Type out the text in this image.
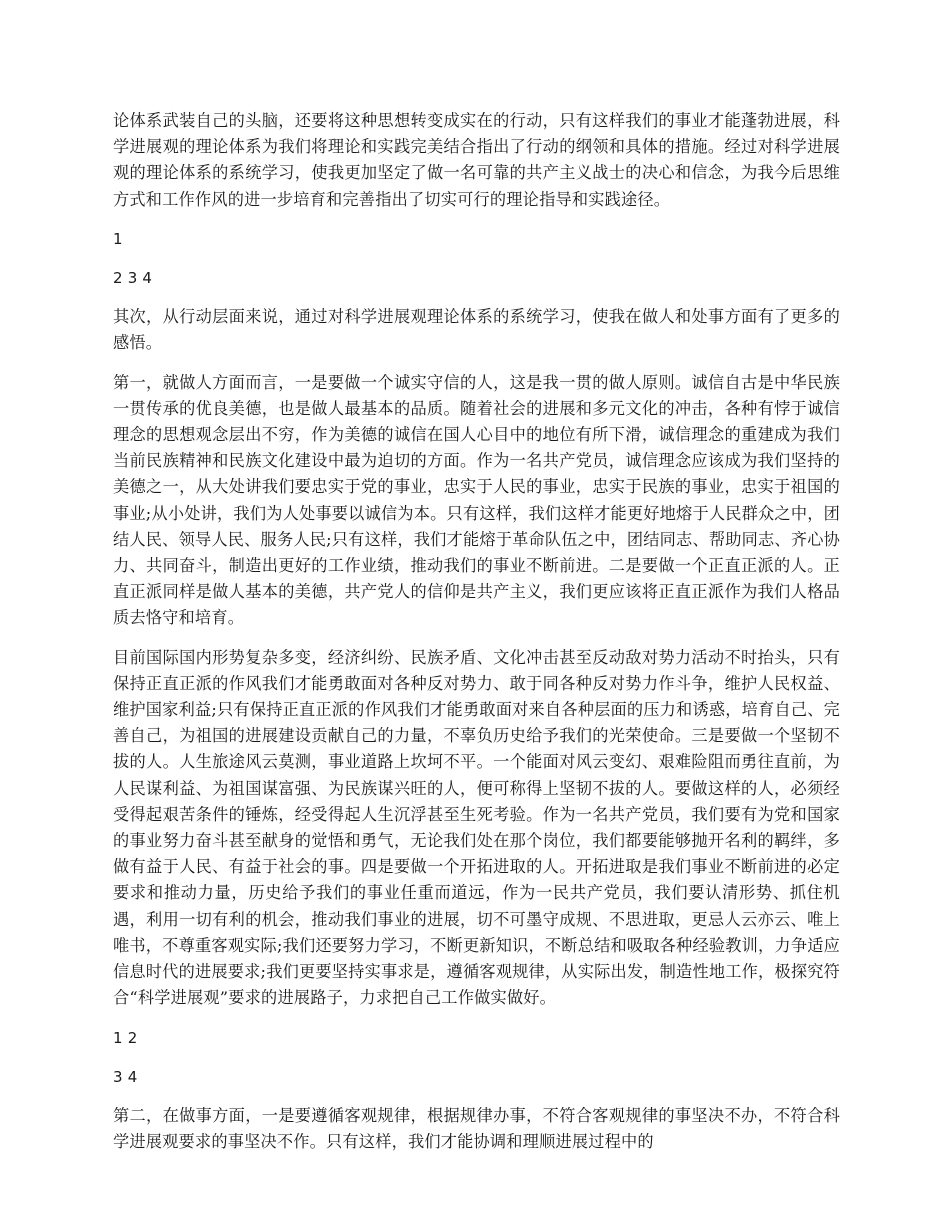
论体系武装自己的头脑，还要将这种思想转变成实在的行动，只有这样我们的事业才能蓬勃进展，科学进展观的理论体系为我们将理论和实践完美结合指出了行动的纲领和具体的措施。经过对科学进展观的理论体系的系统学习，使我更加坚定了做一名可靠的共产主义战士的决心和信念，为我今后思维方式和工作作风的进一步培育和完善指出了切实可行的理论指导和实践途径。

1

2 3 4

其次，从行动层面来说，通过对科学进展观理论体系的系统学习，使我在做人和处事方面有了更多的感悟。

第一，就做人方面而言，一是要做一个诚实守信的人，这是我一贯的做人原则。诚信自古是中华民族一贯传承的优良美德，也是做人最基本的品质。随着社会的进展和多元文化的冲击，各种有悖于诚信理念的思想观念层出不穷，作为美德的诚信在国人心目中的地位有所下滑，诚信理念的重建成为我们当前民族精神和民族文化建设中最为迫切的方面。作为一名共产党员，诚信理念应该成为我们坚持的美德之一，从大处讲我们要忠实于党的事业，忠实于人民的事业，忠实于民族的事业，忠实于祖国的事业;从小处讲，我们为人处事要以诚信为本。只有这样，我们这样才能更好地熔于人民群众之中，团结人民、领导人民、服务人民;只有这样，我们才能熔于革命队伍之中，团结同志、帮助同志、齐心协力、共同奋斗，制造出更好的工作业绩，推动我们的事业不断前进。二是要做一个正直正派的人。正直正派同样是做人基本的美德，共产党人的信仰是共产主义，我们更应该将正直正派作为我们人格品质去恪守和培育。

目前国际国内形势复杂多变，经济纠纷、民族矛盾、文化冲击甚至反动敌对势力活动不时抬头，只有保持正直正派的作风我们才能勇敢面对各种反对势力、敢于同各种反对势力作斗争，维护人民权益、维护国家利益;只有保持正直正派的作风我们才能勇敢面对来自各种层面的压力和诱惑，培育自己、完善自己，为祖国的进展建设贡献自己的力量，不辜负历史给予我们的光荣使命。三是要做一个坚韧不拔的人。人生旅途风云莫测，事业道路上坎坷不平。一个能面对风云变幻、艰难险阻而勇往直前，为人民谋利益、为祖国谋富强、为民族谋兴旺的人，便可称得上坚韧不拔的人。要做这样的人，必须经受得起艰苦条件的锤炼，经受得起人生沉浮甚至生死考验。作为一名共产党员，我们要有为党和国家的事业努力奋斗甚至献身的觉悟和勇气，无论我们处在那个岗位，我们都要能够抛开名利的羁绊，多做有益于人民、有益于社会的事。四是要做一个开拓进取的人。开拓进取是我们事业不断前进的必定要求和推动力量，历史给予我们的事业任重而道远，作为一民共产党员，我们要认清形势、抓住机遇，利用一切有利的机会，推动我们事业的进展，切不可墨守成规、不思进取，更忌人云亦云、唯上唯书，不尊重客观实际;我们还要努力学习，不断更新知识，不断总结和吸取各种经验教训，力争适应信息时代的进展要求;我们更要坚持实事求是，遵循客观规律，从实际出发，制造性地工作，极探究符合“科学进展观”要求的进展路子，力求把自己工作做实做好。

1 2

3 4

第二，在做事方面，一是要遵循客观规律，根据规律办事，不符合客观规律的事坚决不办，不符合科学进展观要求的事坚决不作。只有这样，我们才能协调和理顺进展过程中的
